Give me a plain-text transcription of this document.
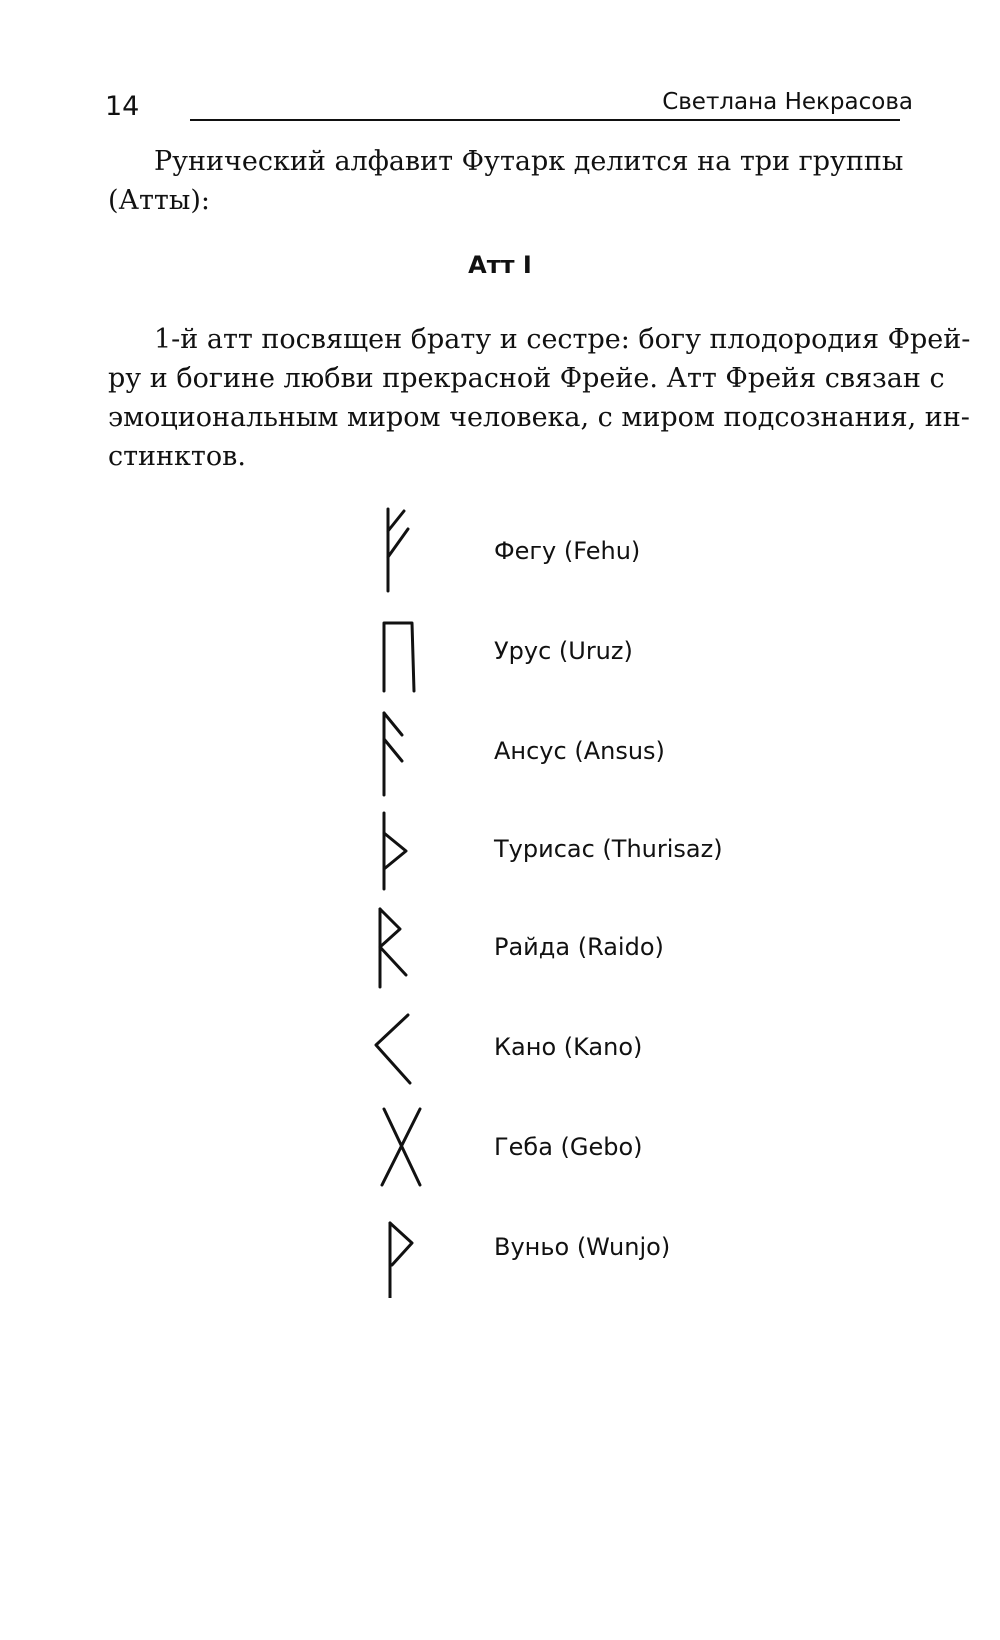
14	Светлана Некрасова

Рунический алфавит Футарк делится на три группы
(Атты):

Атт I

1-й атт посвящен брату и сестре: богу плодородия Фрей-
ру и богине любви прекрасной Фрейе. Атт Фрейя связан с
эмоциональным миром человека, с миром подсознания, ин-
стинктов.

Фегу (Fehu)
Урус (Uruz)
Ансус (Ansus)
Турисас (Thurisaz)
Райда (Raido)
Кано (Kano)
Геба (Gebo)
Вуньо (Wunjo)
